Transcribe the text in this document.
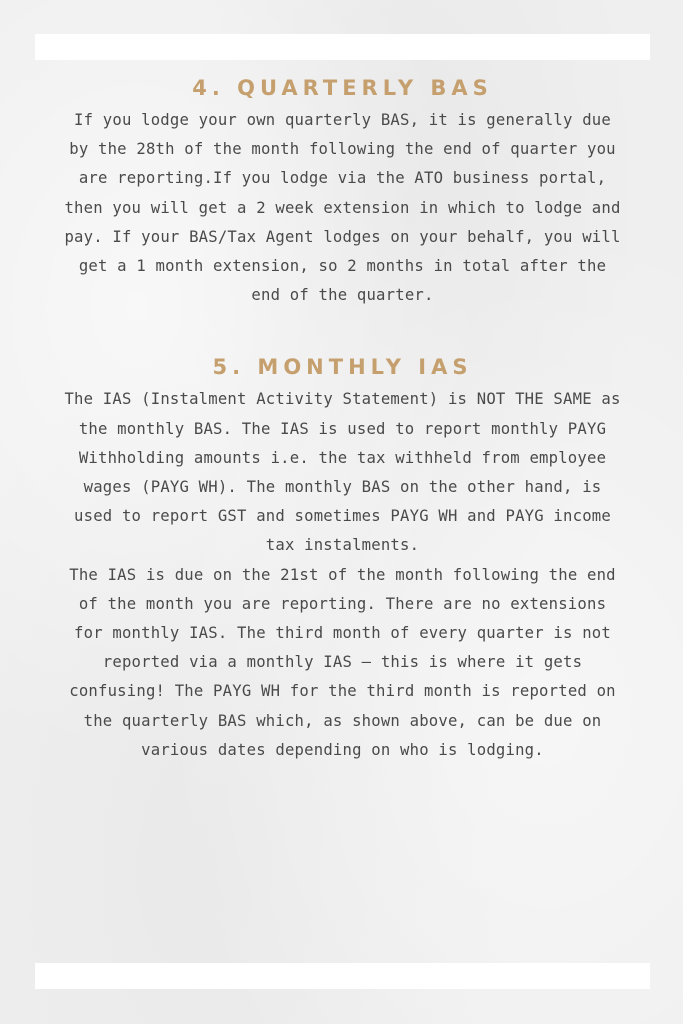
4. QUARTERLY BAS

If you lodge your own quarterly BAS, it is generally due by the 28th of the month following the end of quarter you are reporting.If you lodge via the ATO business portal, then you will get a 2 week extension in which to lodge and pay. If your BAS/Tax Agent lodges on your behalf, you will get a 1 month extension, so 2 months in total after the end of the quarter.

5. MONTHLY IAS

The IAS (Instalment Activity Statement) is NOT THE SAME as the monthly BAS. The IAS is used to report monthly PAYG Withholding amounts i.e. the tax withheld from employee wages (PAYG WH). The monthly BAS on the other hand, is used to report GST and sometimes PAYG WH and PAYG income tax instalments.

The IAS is due on the 21st of the month following the end of the month you are reporting. There are no extensions for monthly IAS. The third month of every quarter is not reported via a monthly IAS – this is where it gets confusing! The PAYG WH for the third month is reported on the quarterly BAS which, as shown above, can be due on various dates depending on who is lodging.
